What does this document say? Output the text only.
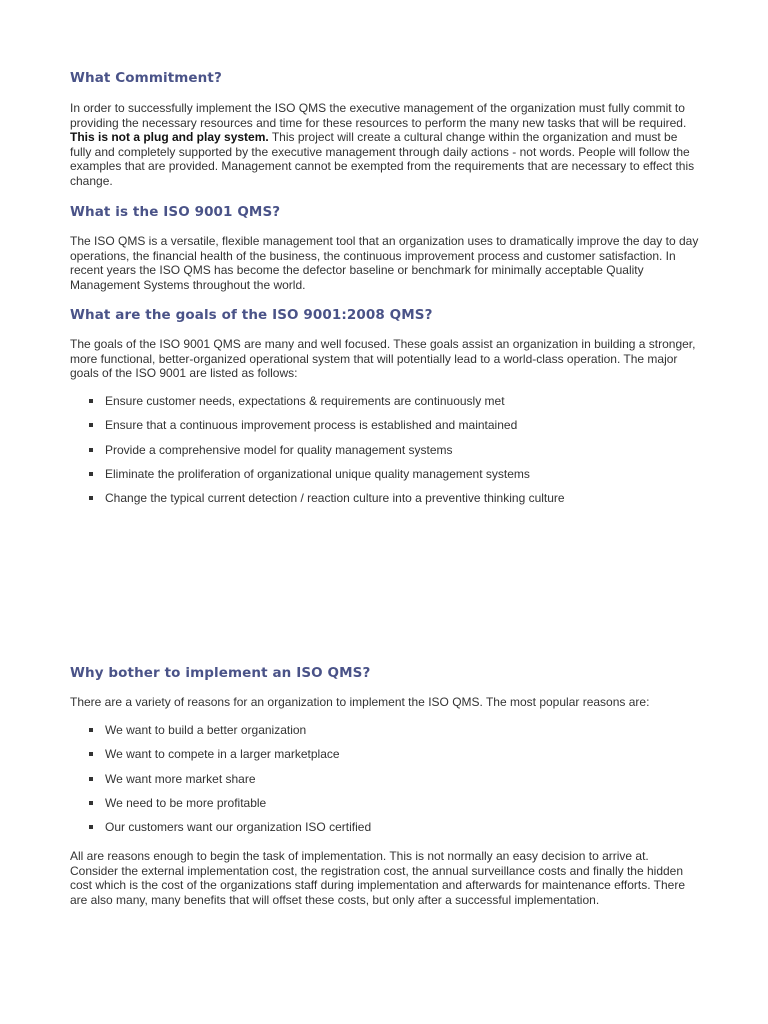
What Commitment?

In order to successfully implement the ISO QMS the executive management of the organization must fully commit to providing the necessary resources and time for these resources to perform the many new tasks that will be required. This is not a plug and play system. This project will create a cultural change within the organization and must be fully and completely supported by the executive management through daily actions - not words. People will follow the examples that are provided. Management cannot be exempted from the requirements that are necessary to effect this change.

What is the ISO 9001 QMS?

The ISO QMS is a versatile, flexible management tool that an organization uses to dramatically improve the day to day operations, the financial health of the business, the continuous improvement process and customer satisfaction. In recent years the ISO QMS has become the defector baseline or benchmark for minimally acceptable Quality Management Systems throughout the world.

What are the goals of the ISO 9001:2008 QMS?

The goals of the ISO 9001 QMS are many and well focused. These goals assist an organization in building a stronger, more functional, better-organized operational system that will potentially lead to a world-class operation. The major goals of the ISO 9001 are listed as follows:

Ensure customer needs, expectations & requirements are continuously met
Ensure that a continuous improvement process is established and maintained
Provide a comprehensive model for quality management systems
Eliminate the proliferation of organizational unique quality management systems
Change the typical current detection / reaction culture into a preventive thinking culture
Why bother to implement an ISO QMS?

There are a variety of reasons for an organization to implement the ISO QMS. The most popular reasons are:

We want to build a better organization
We want to compete in a larger marketplace
We want more market share
We need to be more profitable
Our customers want our organization ISO certified

All are reasons enough to begin the task of implementation. This is not normally an easy decision to arrive at. Consider the external implementation cost, the registration cost, the annual surveillance costs and finally the hidden cost which is the cost of the organizations staff during implementation and afterwards for maintenance efforts. There are also many, many benefits that will offset these costs, but only after a successful implementation.
